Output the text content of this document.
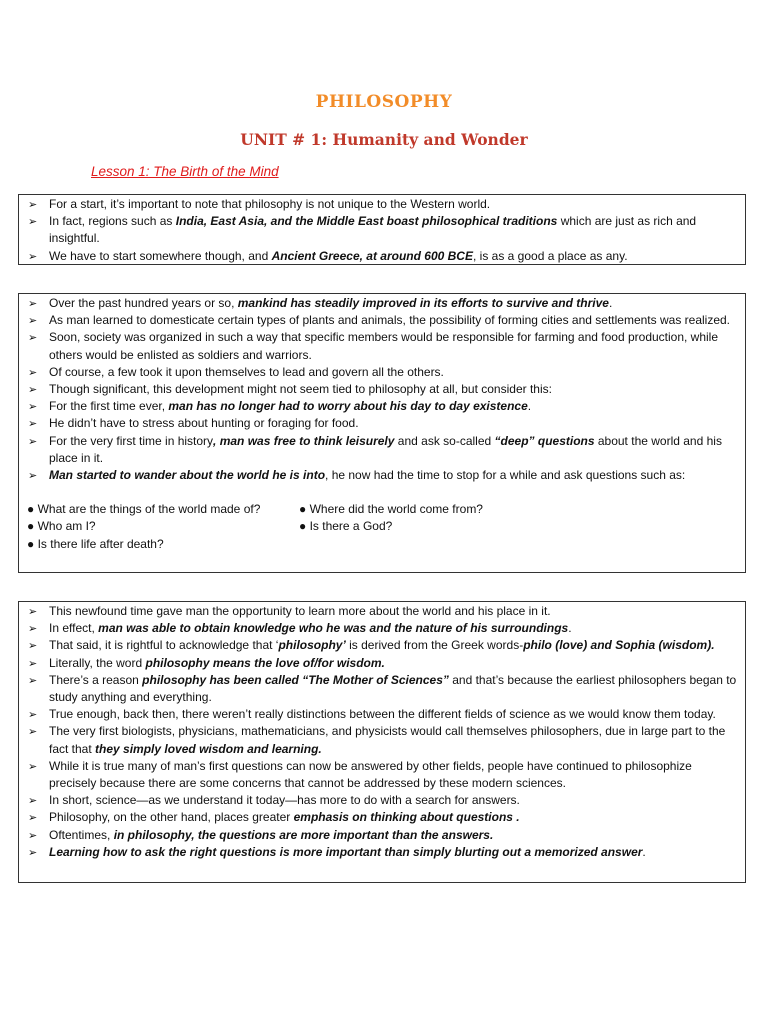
PHILOSOPHY
UNIT # 1: Humanity and Wonder

Lesson 1: The Birth of the Mind

➢ For a start, it’s important to note that philosophy is not unique to the Western world.
➢ In fact, regions such as India, East Asia, and the Middle East boast philosophical traditions which are just as rich and insightful.
➢ We have to start somewhere though, and Ancient Greece, at around 600 BCE, is as a good a place as any.
➢ Over the past hundred years or so, mankind has steadily improved in its efforts to survive and thrive.
➢ As man learned to domesticate certain types of plants and animals, the possibility of forming cities and settlements was realized.
➢ Soon, society was organized in such a way that specific members would be responsible for farming and food production, while others would be enlisted as soldiers and warriors.
➢ Of course, a few took it upon themselves to lead and govern all the others.
➢ Though significant, this development might not seem tied to philosophy at all, but consider this:
➢ For the first time ever, man has no longer had to worry about his day to day existence.
➢ He didn’t have to stress about hunting or foraging for food.
➢ For the very first time in history, man was free to think leisurely and ask so-called “deep” questions about the world and his place in it.
➢ Man started to wander about the world he is into, he now had the time to stop for a while and ask questions such as:
● What are the things of the world made of?	● Where did the world come from?
● Who am I?	● Is there a God?
● Is there life after death?
➢ This newfound time gave man the opportunity to learn more about the world and his place in it.
➢ In effect, man was able to obtain knowledge who he was and the nature of his surroundings.
➢ That said, it is rightful to acknowledge that ‘philosophy’ is derived from the Greek words-philo (love) and Sophia (wisdom).
➢ Literally, the word philosophy means the love of/for wisdom.
➢ There’s a reason philosophy has been called “The Mother of Sciences” and that’s because the earliest philosophers began to study anything and everything.
➢ True enough, back then, there weren’t really distinctions between the different fields of science as we would know them today.
➢ The very first biologists, physicians, mathematicians, and physicists would call themselves philosophers, due in large part to the fact that they simply loved wisdom and learning.
➢ While it is true many of man’s first questions can now be answered by other fields, people have continued to philosophize precisely because there are some concerns that cannot be addressed by these modern sciences.
➢ In short, science—as we understand it today—has more to do with a search for answers.
➢ Philosophy, on the other hand, places greater emphasis on thinking about questions .
➢ Oftentimes, in philosophy, the questions are more important than the answers.
➢ Learning how to ask the right questions is more important than simply blurting out a memorized answer.
